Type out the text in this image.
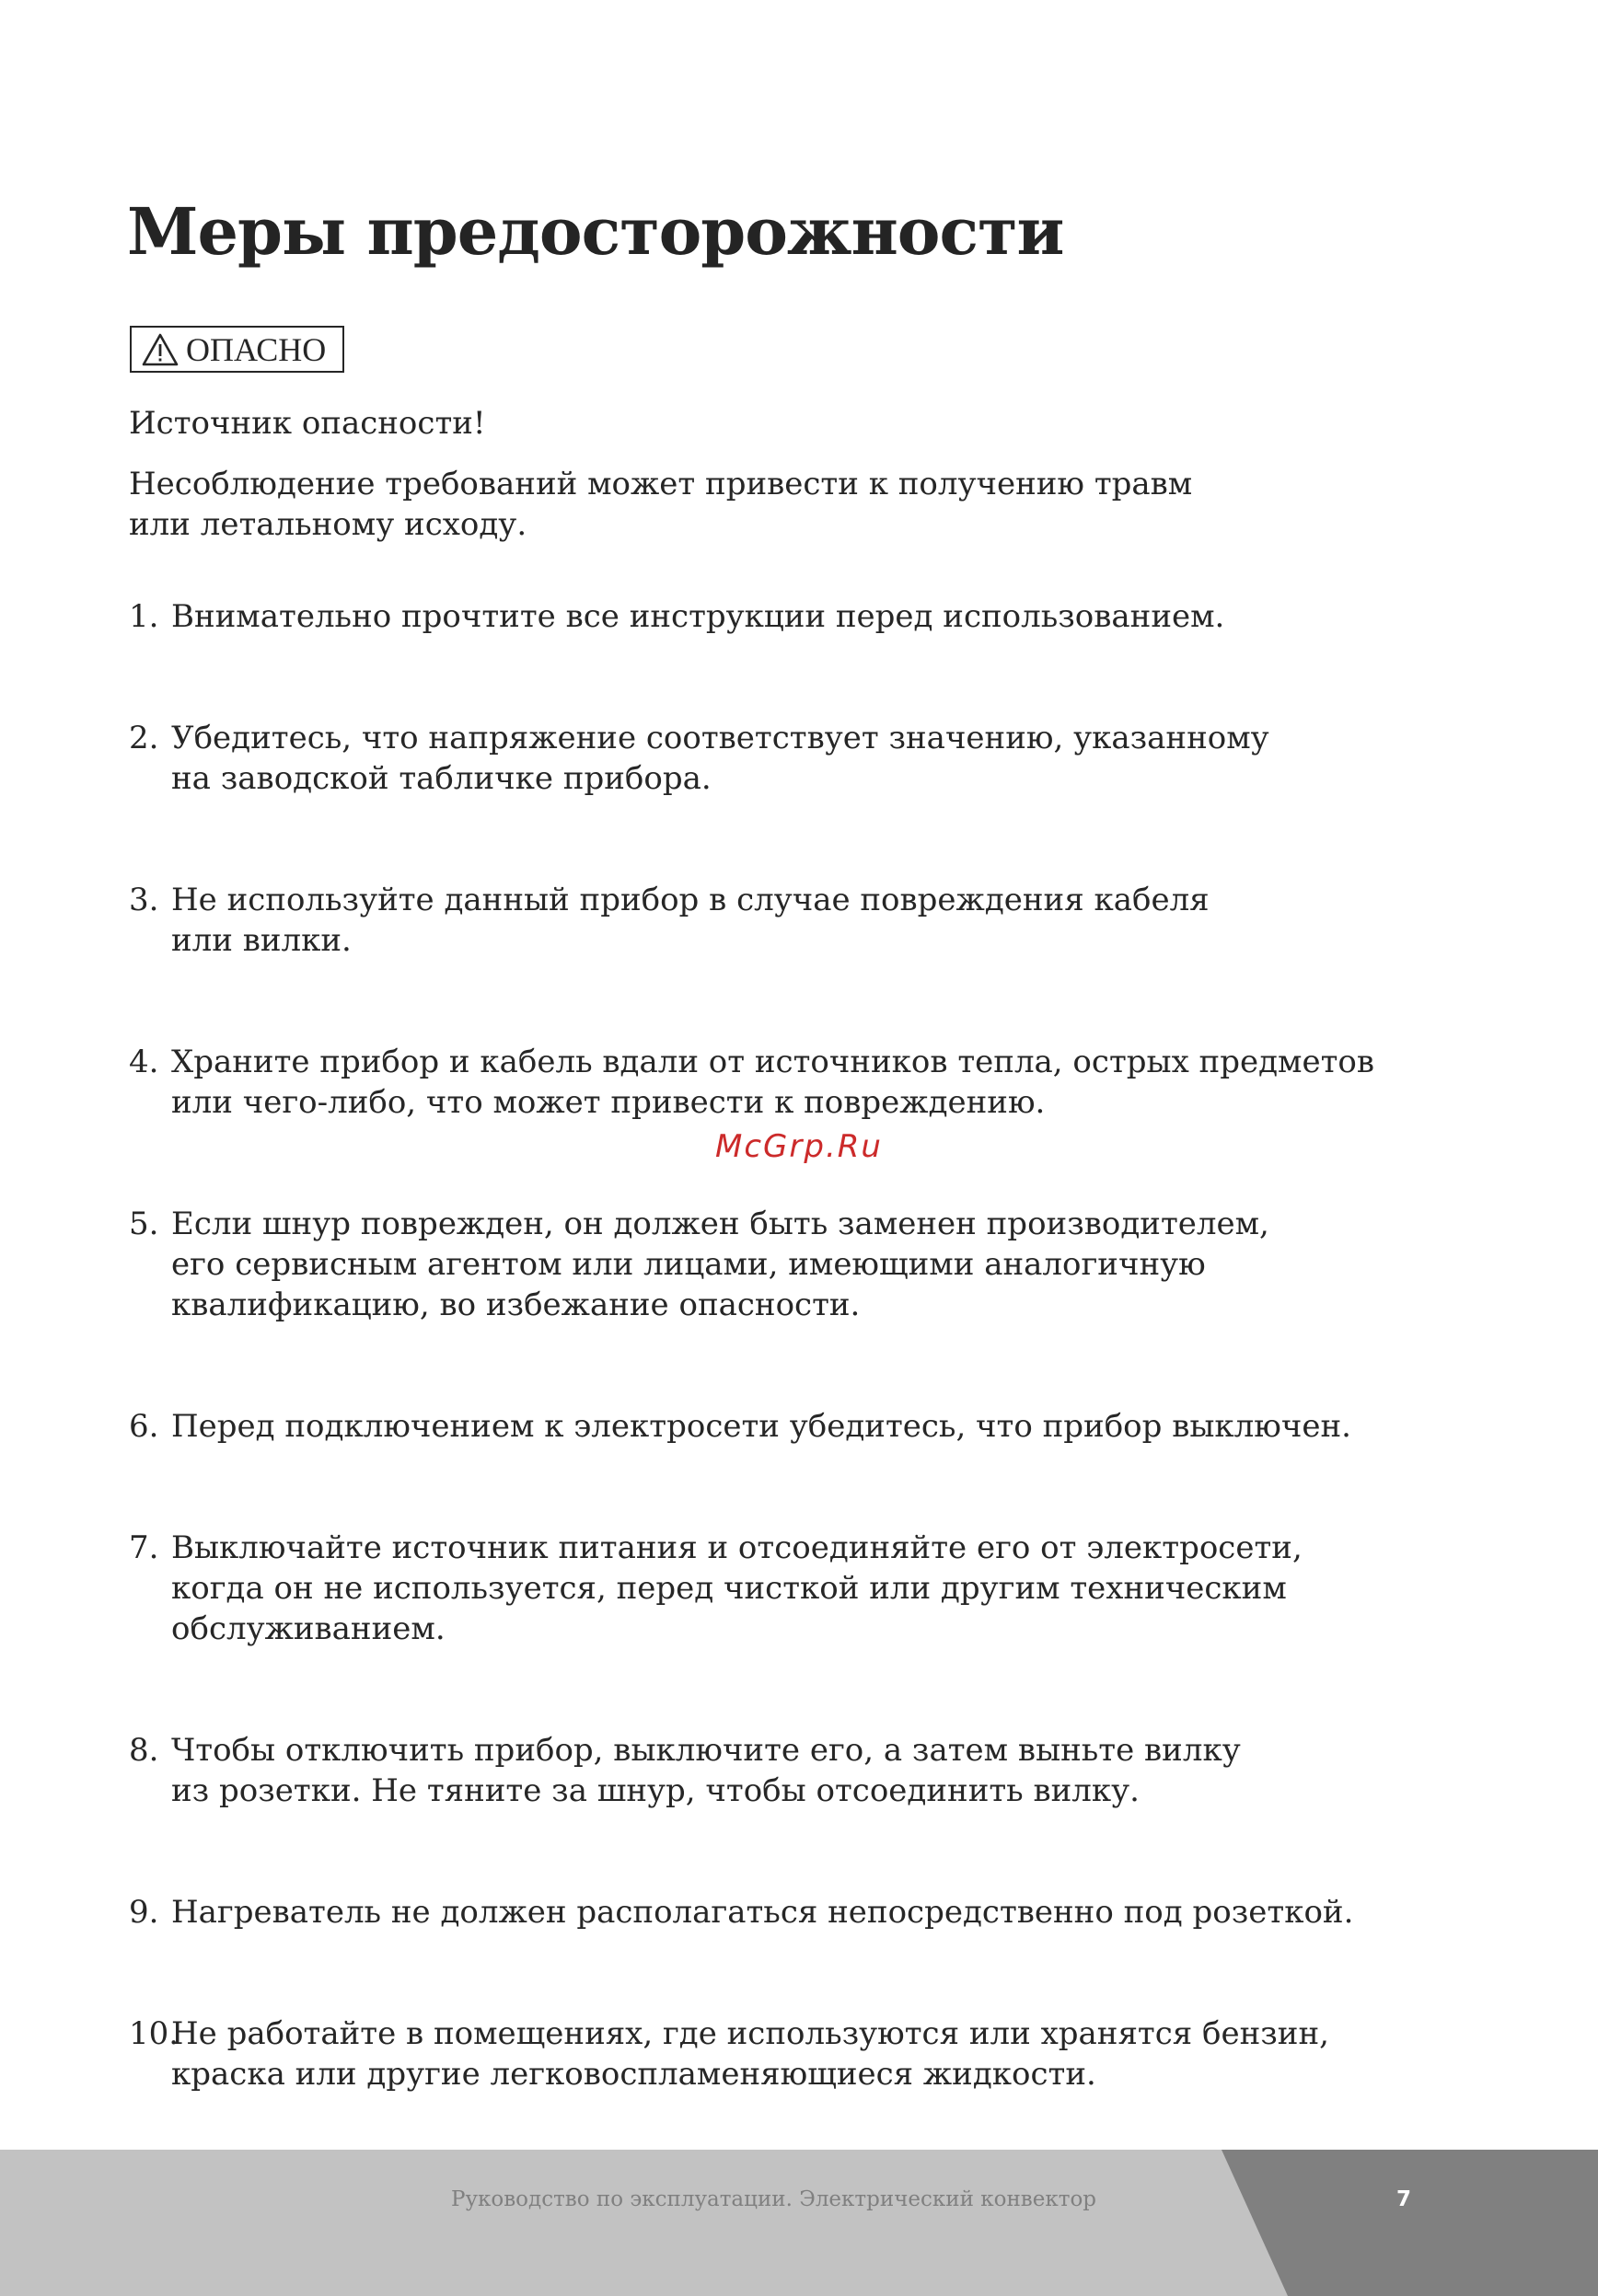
Меры предосторожности
ОПАСНО

Источник опасности!

Несоблюдение требований может привести к получению травм
или летальному исходу.

1. Внимательно прочтите все инструкции перед использованием.
2. Убедитесь, что напряжение соответствует значению, указанному
на заводской табличке прибора.
3. Не используйте данный прибор в случае повреждения кабеля
или вилки.
4. Храните прибор и кабель вдали от источников тепла, острых предметов
или чего-либо, что может привести к повреждению.
5. Если шнур поврежден, он должен быть заменен производителем,
его сервисным агентом или лицами, имеющими аналогичную
квалификацию, во избежание опасности.
6. Перед подключением к электросети убедитесь, что прибор выключен.
7. Выключайте источник питания и отсоединяйте его от электросети,
когда он не используется, перед чисткой или другим техническим
обслуживанием.
8. Чтобы отключить прибор, выключите его, а затем выньте вилку
из розетки. Не тяните за шнур, чтобы отсоединить вилку.
9. Нагреватель не должен располагаться непосредственно под розеткой.
10.
Не работайте в помещениях, где используются или хранятся бензин,
краска или другие легковоспламеняющиеся жидкости.
McGrp.Ru
Руководство по эксплуатации. Электрический конвектор	7
